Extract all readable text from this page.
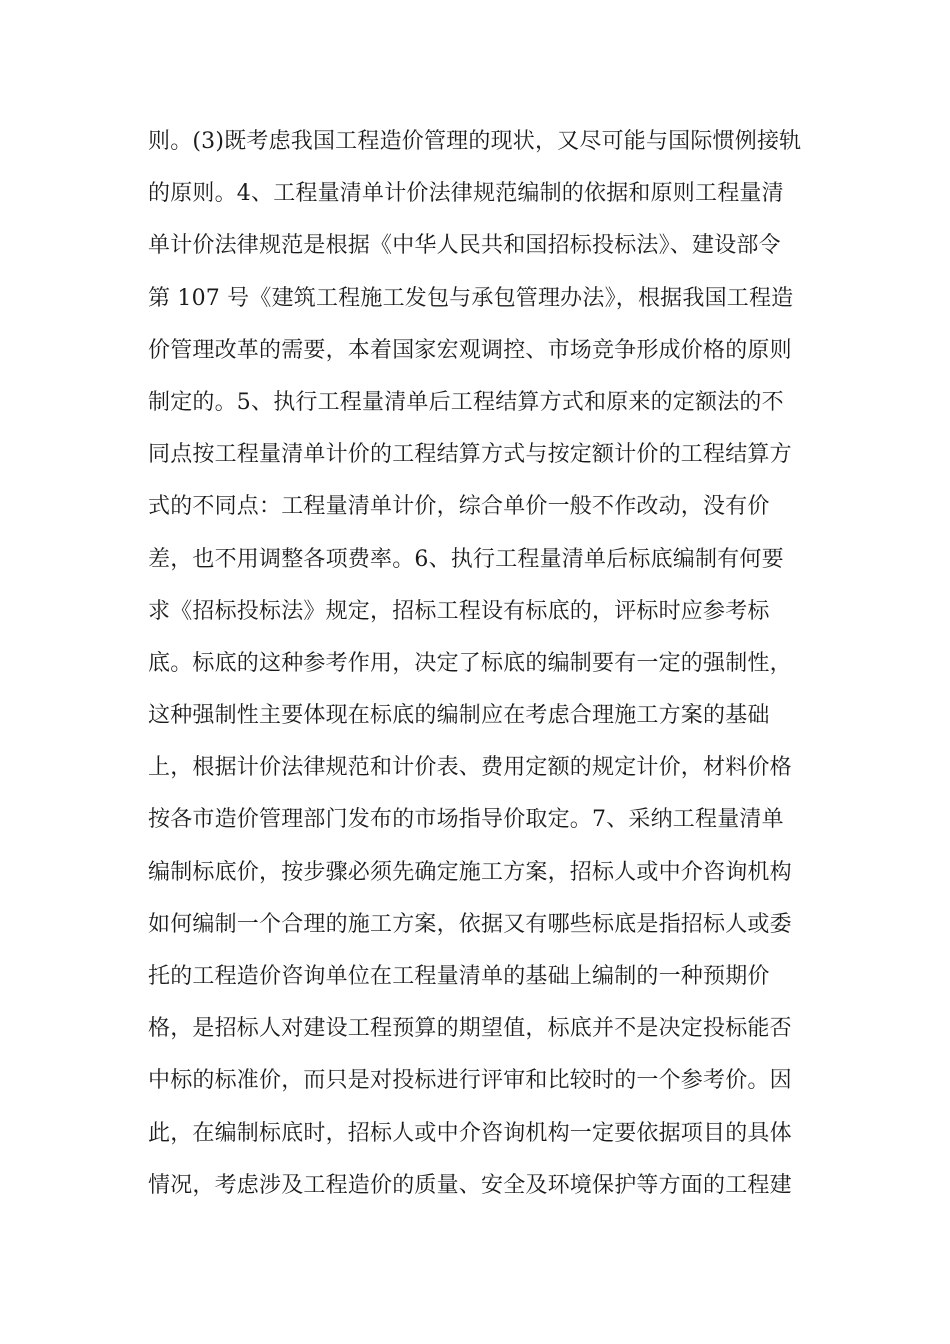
则。(3)既考虑我国工程造价管理的现状，又尽可能与国际惯例接轨
的原则。4、工程量清单计价法律规范编制的依据和原则工程量清
单计价法律规范是根据《中华人民共和国招标投标法》、建设部令
第 107 号《建筑工程施工发包与承包管理办法》，根据我国工程造
价管理改革的需要，本着国家宏观调控、市场竞争形成价格的原则
制定的。5、执行工程量清单后工程结算方式和原来的定额法的不
同点按工程量清单计价的工程结算方式与按定额计价的工程结算方
式的不同点：工程量清单计价，综合单价一般不作改动，没有价
差，也不用调整各项费率。6、执行工程量清单后标底编制有何要
求《招标投标法》规定，招标工程设有标底的，评标时应参考标
底。标底的这种参考作用，决定了标底的编制要有一定的强制性，
这种强制性主要体现在标底的编制应在考虑合理施工方案的基础
上，根据计价法律规范和计价表、费用定额的规定计价，材料价格
按各市造价管理部门发布的市场指导价取定。7、采纳工程量清单
编制标底价，按步骤必须先确定施工方案，招标人或中介咨询机构
如何编制一个合理的施工方案，依据又有哪些标底是指招标人或委
托的工程造价咨询单位在工程量清单的基础上编制的一种预期价
格，是招标人对建设工程预算的期望值，标底并不是决定投标能否
中标的标准价，而只是对投标进行评审和比较时的一个参考价。因
此，在编制标底时，招标人或中介咨询机构一定要依据项目的具体
情况，考虑涉及工程造价的质量、安全及环境保护等方面的工程建
